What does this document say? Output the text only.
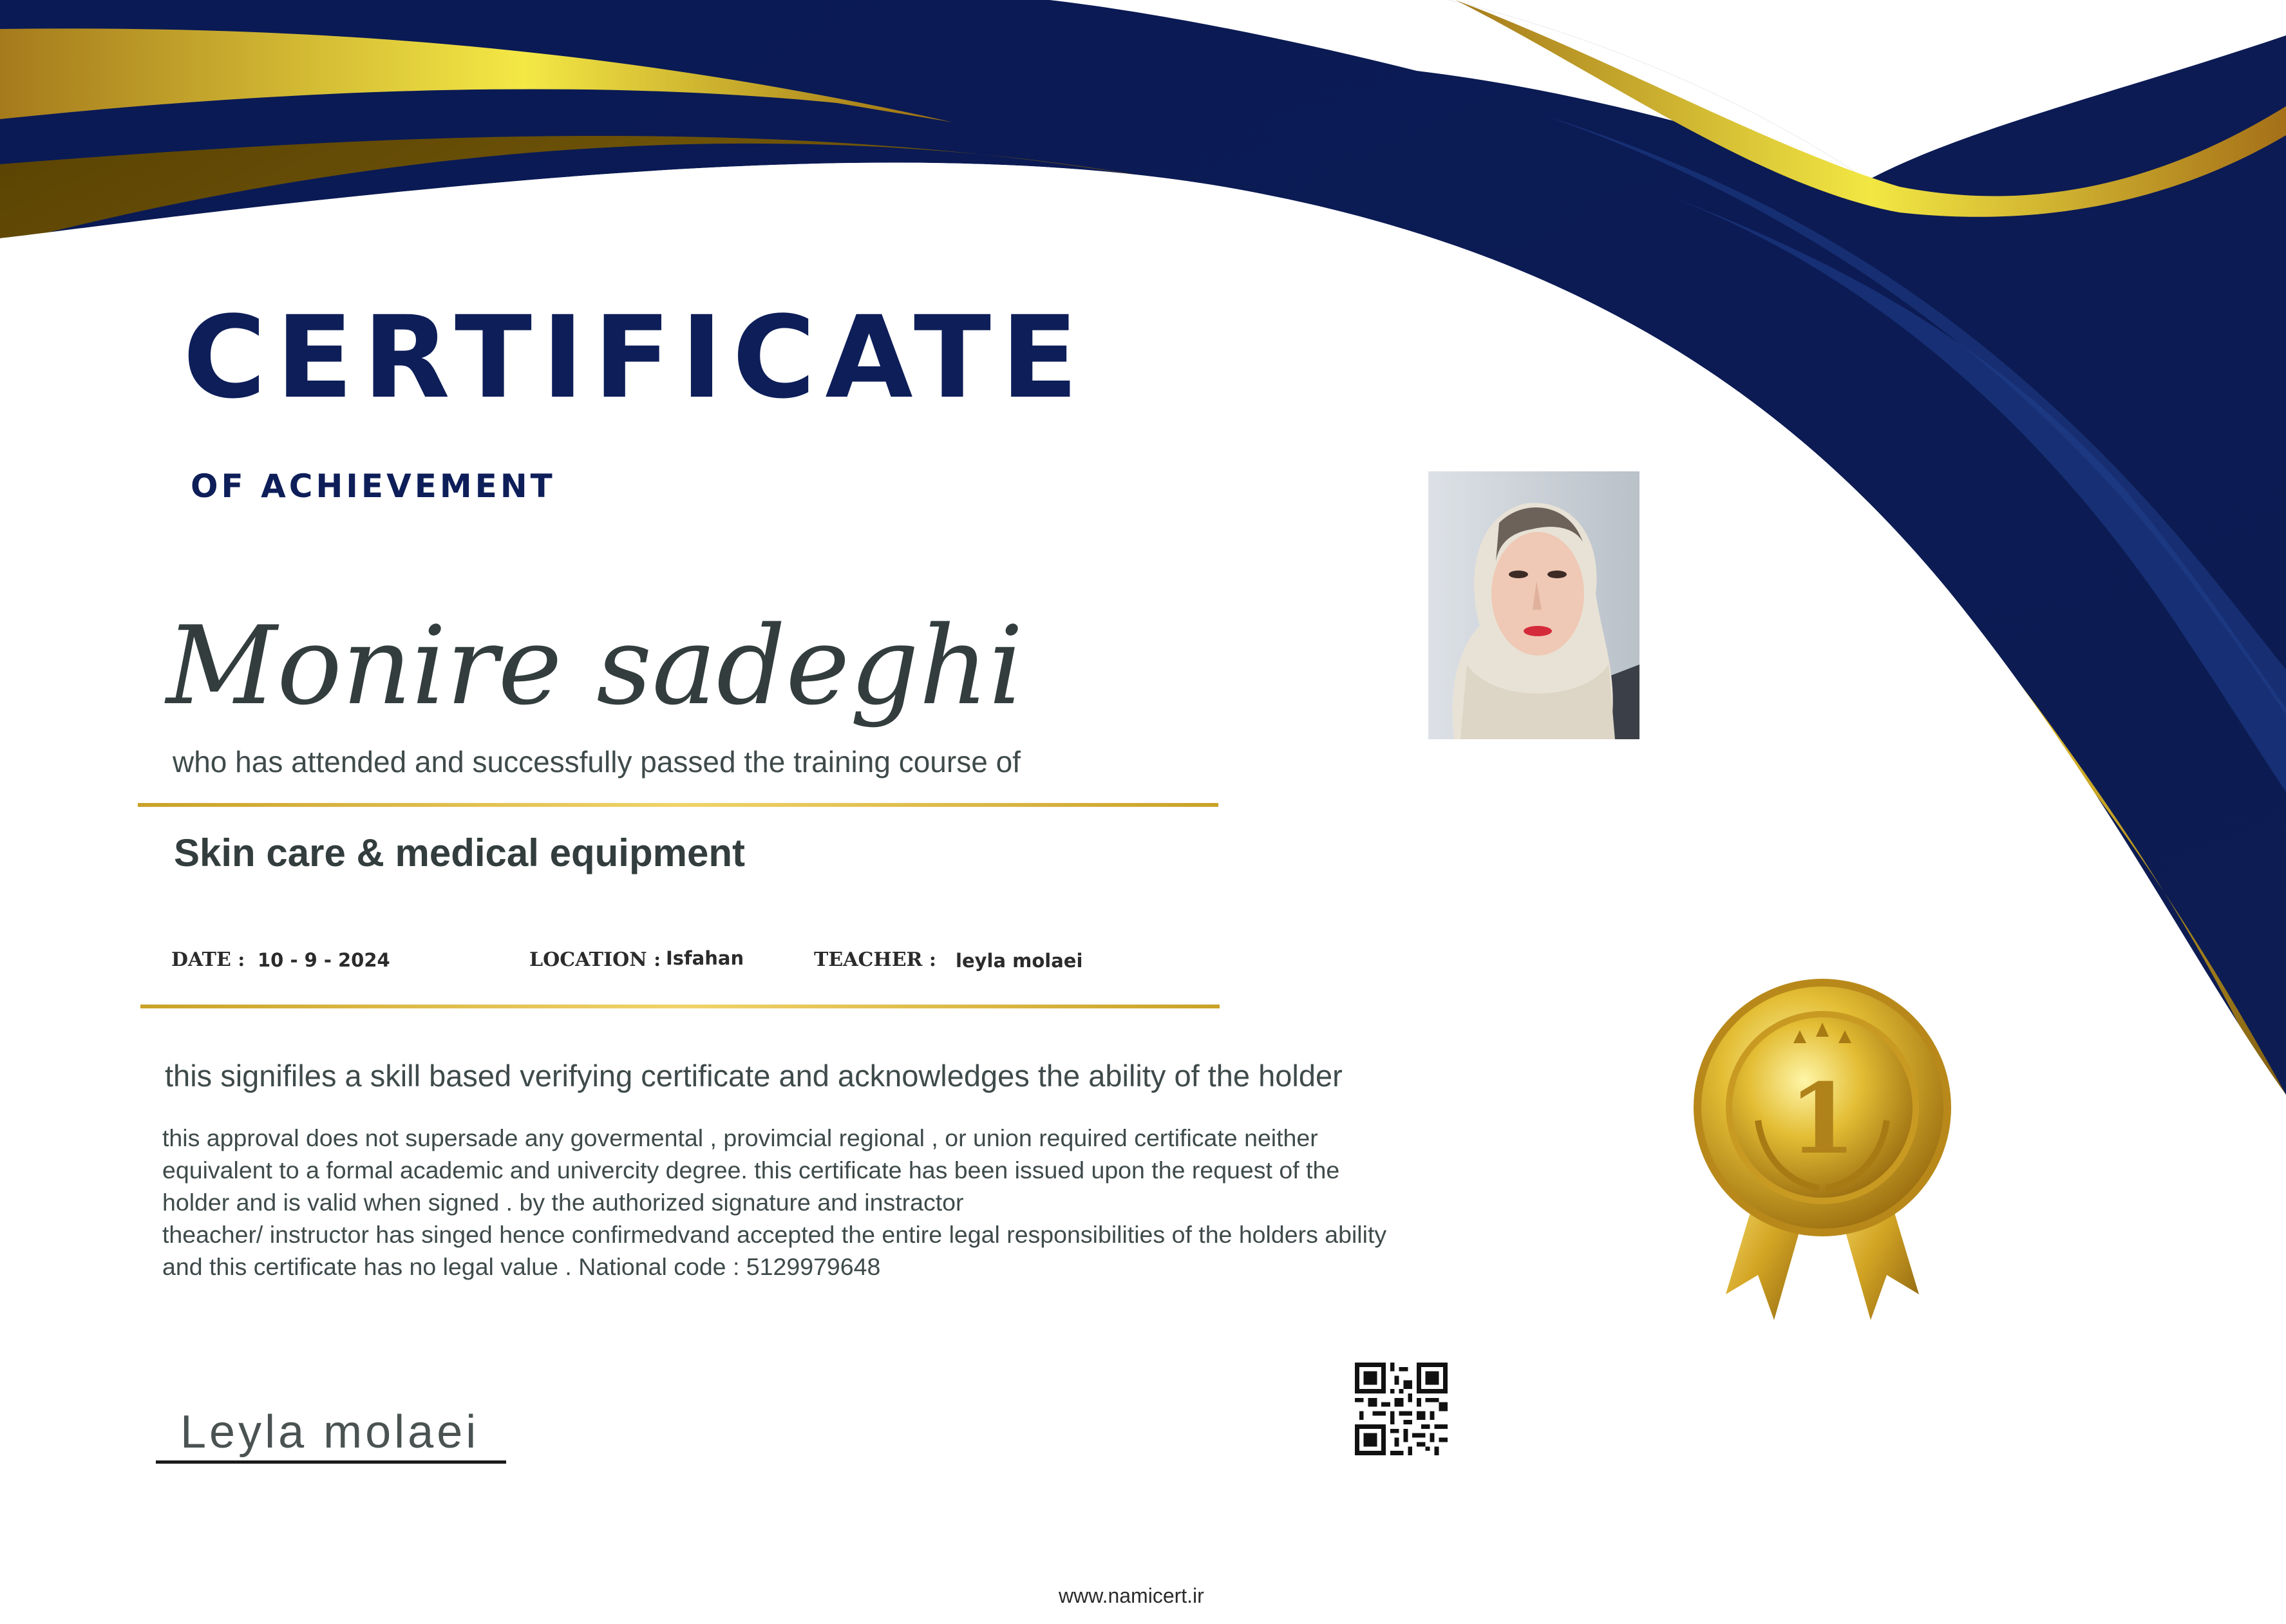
CERTIFICATE
OF ACHIEVEMENT
Monire sadeghi
who has attended and successfully passed the training course of
Skin care & medical equipment
DATE : 10 - 9 - 2024	LOCATION : Isfahan	TEACHER : leyla molaei
this signifiles a skill based verifying certificate and acknowledges the ability of the holder
this approval does not supersade any govermental , provimcial regional , or union required certificate neither
equivalent to a formal academic and univercity degree. this certificate has been issued upon the request of the
holder and is valid when signed . by the authorized signature and instractor
theacher/ instructor has singed hence confirmedvand accepted the entire legal responsibilities of the holders ability
and this certificate has no legal value . National code : 5129979648
Leyla molaei
1
www.namicert.ir
